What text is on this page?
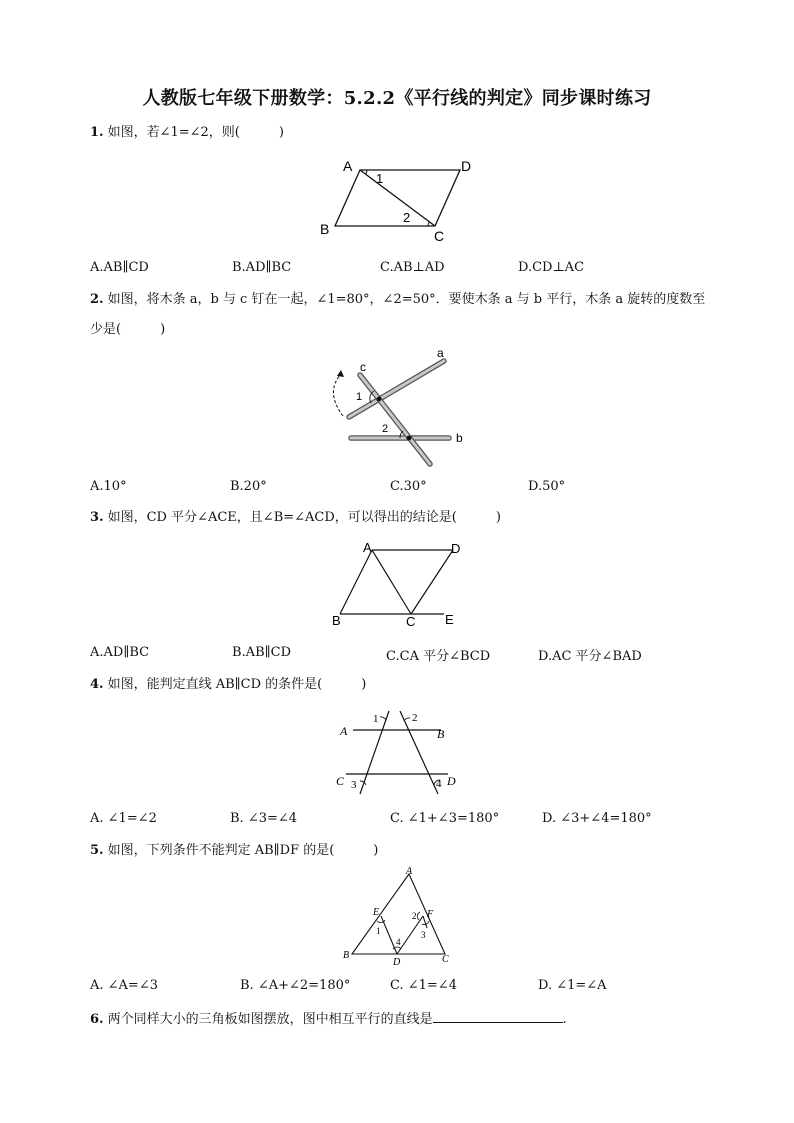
人教版七年级下册数学：5.2.2《平行线的判定》同步课时练习
1. 如图，若∠1=∠2，则(　　　)
A	D
B	C
1
2
A.AB∥CD	B.AD∥BC	C.AB⊥AD	D.CD⊥AC
2. 如图，将木条 a，b 与 c 钉在一起，∠1=80°，∠2=50°．要使木条 a 与 b 平行，木条 a 旋转的度数至少是(　　　)
c
a
1
2
b
A.10°	B.20°	C.30°	D.50°
3. 如图，CD 平分∠ACE，且∠B=∠ACD，可以得出的结论是(　　　)
A	D
B	C E
A.AD∥BC	B.AB∥CD	C.CA 平分∠BCD	D.AC 平分∠BAD
4. 如图，能判定直线 AB∥CD 的条件是(　　　)
1	2
A	B
C	D
3	4
A. ∠1=∠2	B. ∠3=∠4	C. ∠1+∠3=180°	D. ∠3+∠4=180°
5. 如图，下列条件不能判定 AB∥DF 的是(　　　)
A
E	F
2
1	3
4
B
D	C
A. ∠A=∠3	B. ∠A+∠2=180°	C. ∠1=∠4	D. ∠1=∠A
6. 两个同样大小的三角板如图摆放，图中相互平行的直线是	.
